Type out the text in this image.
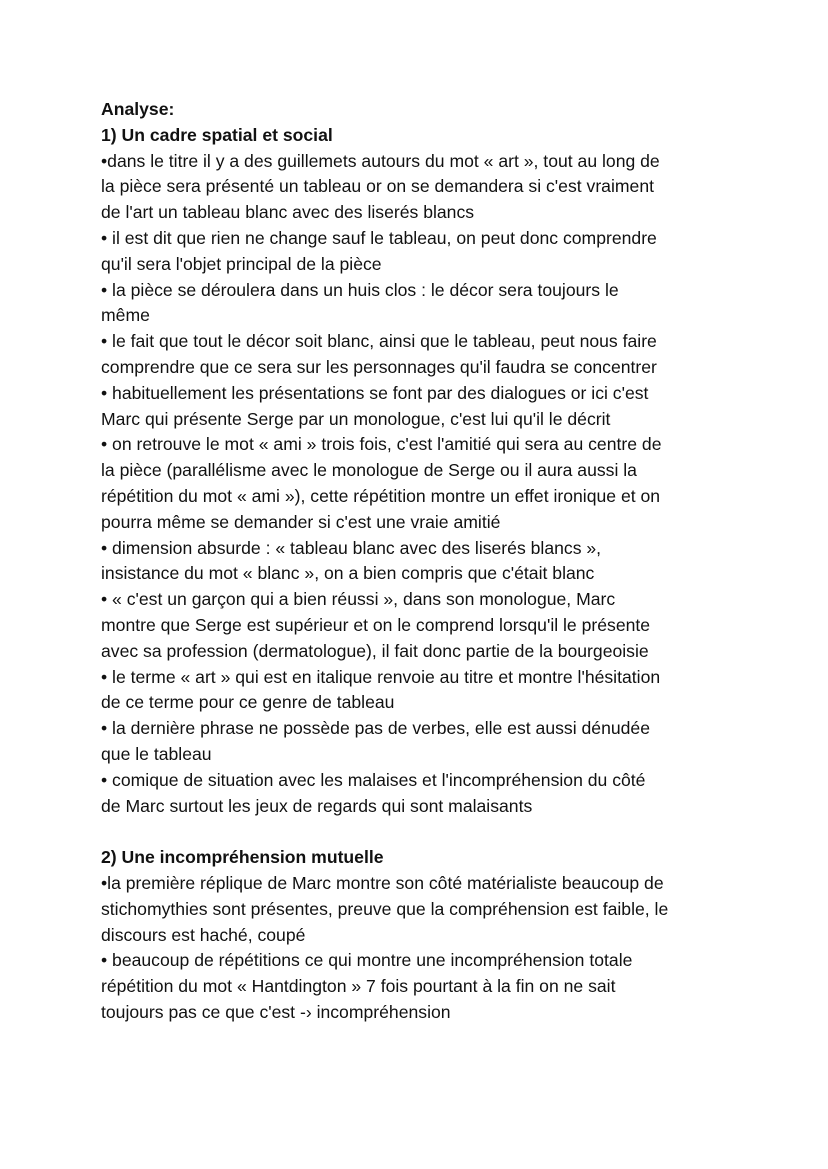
Analyse:
1) Un cadre spatial et social
•dans le titre il y a des guillemets autours du mot « art », tout au long de
la pièce sera présenté un tableau or on se demandera si c'est vraiment
de l'art un tableau blanc avec des liserés blancs
• il est dit que rien ne change sauf le tableau, on peut donc comprendre
qu'il sera l'objet principal de la pièce
• la pièce se déroulera dans un huis clos : le décor sera toujours le
même
• le fait que tout le décor soit blanc, ainsi que le tableau, peut nous faire
comprendre que ce sera sur les personnages qu'il faudra se concentrer
• habituellement les présentations se font par des dialogues or ici c'est
Marc qui présente Serge par un monologue, c'est lui qu'il le décrit
• on retrouve le mot « ami » trois fois, c'est l'amitié qui sera au centre de
la pièce (parallélisme avec le monologue de Serge ou il aura aussi la
répétition du mot « ami »), cette répétition montre un effet ironique et on
pourra même se demander si c'est une vraie amitié
• dimension absurde : « tableau blanc avec des liserés blancs »,
insistance du mot « blanc », on a bien compris que c'était blanc
• « c'est un garçon qui a bien réussi », dans son monologue, Marc
montre que Serge est supérieur et on le comprend lorsqu'il le présente
avec sa profession (dermatologue), il fait donc partie de la bourgeoisie
• le terme « art » qui est en italique renvoie au titre et montre l'hésitation
de ce terme pour ce genre de tableau
• la dernière phrase ne possède pas de verbes, elle est aussi dénudée
que le tableau
• comique de situation avec les malaises et l'incompréhension du côté
de Marc surtout les jeux de regards qui sont malaisants
2) Une incompréhension mutuelle
•la première réplique de Marc montre son côté matérialiste beaucoup de
stichomythies sont présentes, preuve que la compréhension est faible, le
discours est haché, coupé
• beaucoup de répétitions ce qui montre une incompréhension totale
répétition du mot « Hantdington » 7 fois pourtant à la fin on ne sait
toujours pas ce que c'est -› incompréhension
